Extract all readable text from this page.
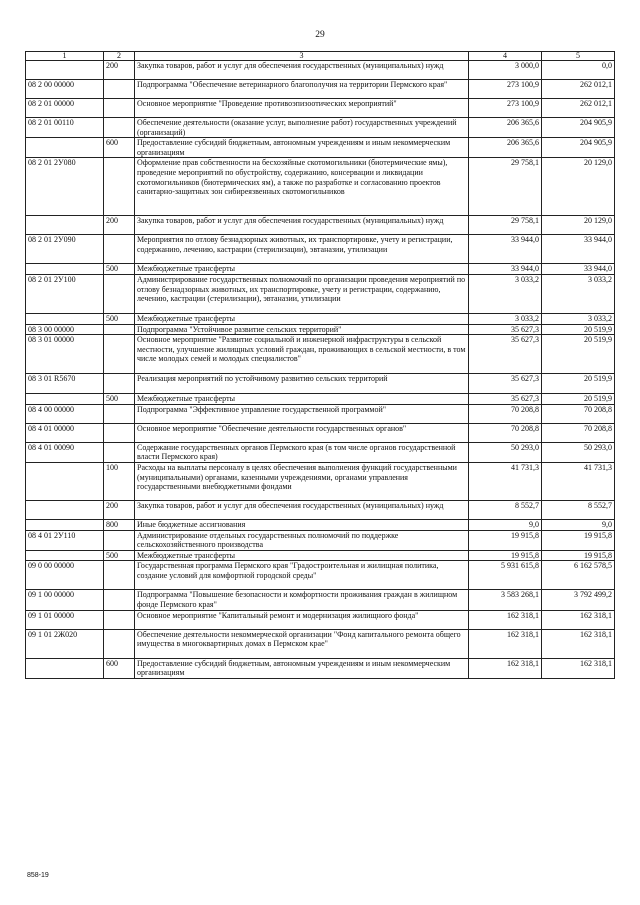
29
1	2	3	4	5
	200	Закупка товаров, работ и услуг для обеспечения государственных (муниципальных) нужд	3 000,0	0,0
08 2 00 00000		Подпрограмма "Обеспечение ветеринарного благополучия на территории Пермского края"	273 100,9	262 012,1
08 2 01 00000		Основное мероприятие "Проведение противоэпизоотических мероприятий"	273 100,9	262 012,1
08 2 01 00110		Обеспечение деятельности (оказание услуг, выполнение работ) государственных учреждений (организаций)	206 365,6	204 905,9
	600	Предоставление субсидий бюджетным, автономным учреждениям и иным некоммерческим организациям	206 365,6	204 905,9
08 2 01 2У080		Оформление прав собственности на бесхозяйные скотомогильники (биотермические ямы), проведение мероприятий по обустройству, содержанию, консервации и ликвидации скотомогильников (биотермических ям), а также по разработке и согласованию проектов санитарно-защитных зон сибиреязвенных скотомогильников	29 758,1	20 129,0
	200	Закупка товаров, работ и услуг для обеспечения государственных (муниципальных) нужд	29 758,1	20 129,0
08 2 01 2У090		Мероприятия по отлову безнадзорных животных, их транспортировке, учету и регистрации, содержанию, лечению, кастрации (стерилизации), эвтаназии, утилизации	33 944,0	33 944,0
	500	Межбюджетные трансферты	33 944,0	33 944,0
08 2 01 2У100		Администрирование государственных полномочий по организации проведения мероприятий по отлову безнадзорных животных, их транспортировке, учету и регистрации, содержанию, лечению, кастрации (стерилизации), эвтаназии, утилизации	3 033,2	3 033,2
	500	Межбюджетные трансферты	3 033,2	3 033,2
08 3 00 00000		Подпрограмма "Устойчивое развитие сельских территорий"	35 627,3	20 519,9
08 3 01 00000		Основное мероприятие "Развитие социальной и инженерной инфраструктуры в сельской местности, улучшение жилищных условий граждан, проживающих в сельской местности, в том числе молодых семей и молодых специалистов"	35 627,3	20 519,9
08 3 01 R5670		Реализация мероприятий по устойчивому развитию сельских территорий	35 627,3	20 519,9
	500	Межбюджетные трансферты	35 627,3	20 519,9
08 4 00 00000		Подпрограмма "Эффективное управление государственной программой"	70 208,8	70 208,8
08 4 01 00000		Основное мероприятие "Обеспечение деятельности государственных органов"	70 208,8	70 208,8
08 4 01 00090		Содержание государственных органов Пермского края (в том числе органов государственной власти Пермского края)	50 293,0	50 293,0
	100	Расходы на выплаты персоналу в целях обеспечения выполнения функций государственными (муниципальными) органами, казенными учреждениями, органами управления государственными внебюджетными фондами	41 731,3	41 731,3
	200	Закупка товаров, работ и услуг для обеспечения государственных (муниципальных) нужд	8 552,7	8 552,7
	800	Иные бюджетные ассигнования	9,0	9,0
08 4 01 2У110		Администрирование отдельных государственных полномочий по поддержке сельскохозяйственного производства	19 915,8	19 915,8
	500	Межбюджетные трансферты	19 915,8	19 915,8
09 0 00 00000		Государственная программа Пермского края "Градостроительная и жилищная политика, создание условий для комфортной городской среды"	5 931 615,8	6 162 578,5
09 1 00 00000		Подпрограмма "Повышение безопасности и комфортности проживания граждан в жилищном фонде Пермского края"	3 583 268,1	3 792 499,2
09 1 01 00000		Основное мероприятие "Капитальный ремонт и модернизация жилищного фонда"	162 318,1	162 318,1
09 1 01 2Ж020		Обеспечение деятельности некоммерческой организации "Фонд капитального ремонта общего имущества в многоквартирных домах в Пермском крае"	162 318,1	162 318,1
	600	Предоставление субсидий бюджетным, автономным учреждениям и иным некоммерческим организациям	162 318,1	162 318,1
858-19
